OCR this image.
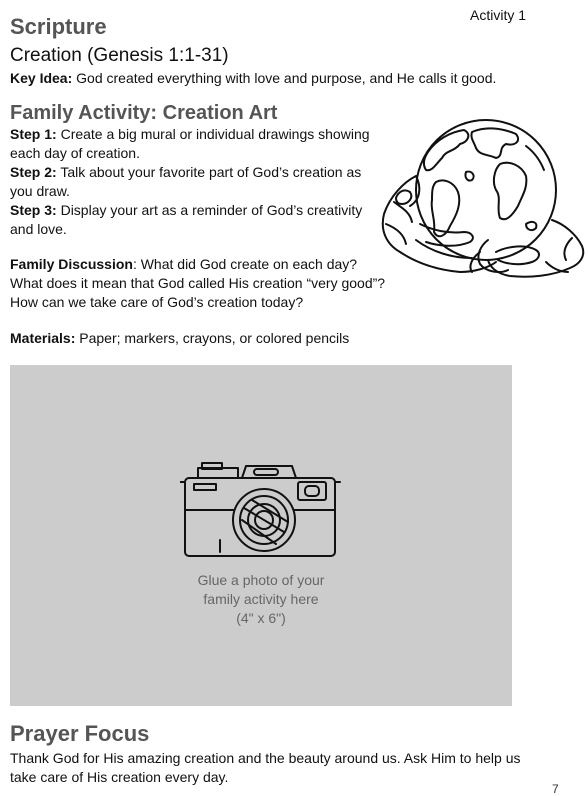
Activity 1
Scripture
Creation (Genesis 1:1-31)
Key Idea: God created everything with love and purpose, and He calls it good.
Family Activity: Creation Art
Step 1: Create a big mural or individual drawings showing
each day of creation.
Step 2: Talk about your favorite part of God’s creation as
you draw.
Step 3: Display your art as a reminder of God’s creativity
and love.
Family Discussion: What did God create on each day?
What does it mean that God called His creation “very good”?
How can we take care of God’s creation today?
Materials: Paper; markers, crayons, or colored pencils
Glue a photo of your
family activity here
(4" x 6")
Prayer Focus
Thank God for His amazing creation and the beauty around us. Ask Him to help us
take care of His creation every day.
7
